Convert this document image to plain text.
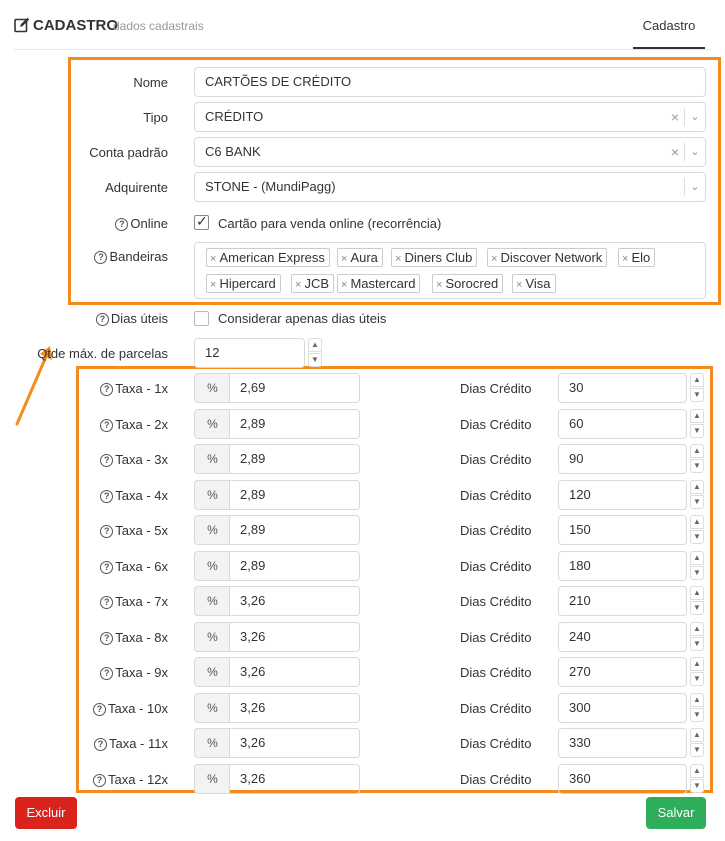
CADASTRO
dados cadastrais	Cadastro
Nome	CARTÕES DE CRÉDITO
Tipo	CRÉDITO	×	⌄
Conta padrão	C6 BANK	×	⌄
Adquirente	STONE - (MundiPagg)	⌄
? Online ✓ Cartão para venda online (recorrência)
? Bandeiras	× American Express	× Aura	× Diners Club	× Discover Network	× Elo
× Hipercard	× JCB	× Mastercard	× Sorocred	× Visa
? Dias úteis	Considerar apenas dias úteis
Qtde máx. de parcelas	12
▲
▼
? Taxa - 1x	%	2,69	Dias Crédito	30
▲
▼
? Taxa - 2x	%	2,89	Dias Crédito	60
▲
▼
? Taxa - 3x	%	2,89	Dias Crédito	90
▲
▼
? Taxa - 4x	%	2,89	Dias Crédito	120
▲
▼
? Taxa - 5x	%	2,89	Dias Crédito	150
▲
▼
? Taxa - 6x	%	2,89	Dias Crédito	180
▲
▼
? Taxa - 7x	%	3,26	Dias Crédito	210
▲
▼
? Taxa - 8x	%	3,26	Dias Crédito	240
▲
▼
? Taxa - 9x	%	3,26	Dias Crédito	270
▲
▼
? Taxa - 10x	%	3,26	Dias Crédito	300
▲
▼
? Taxa - 11x	%	3,26	Dias Crédito	330
▲
▼
? Taxa - 12x	%	3,26	Dias Crédito	360
▲
▼
Excluir	Salvar
